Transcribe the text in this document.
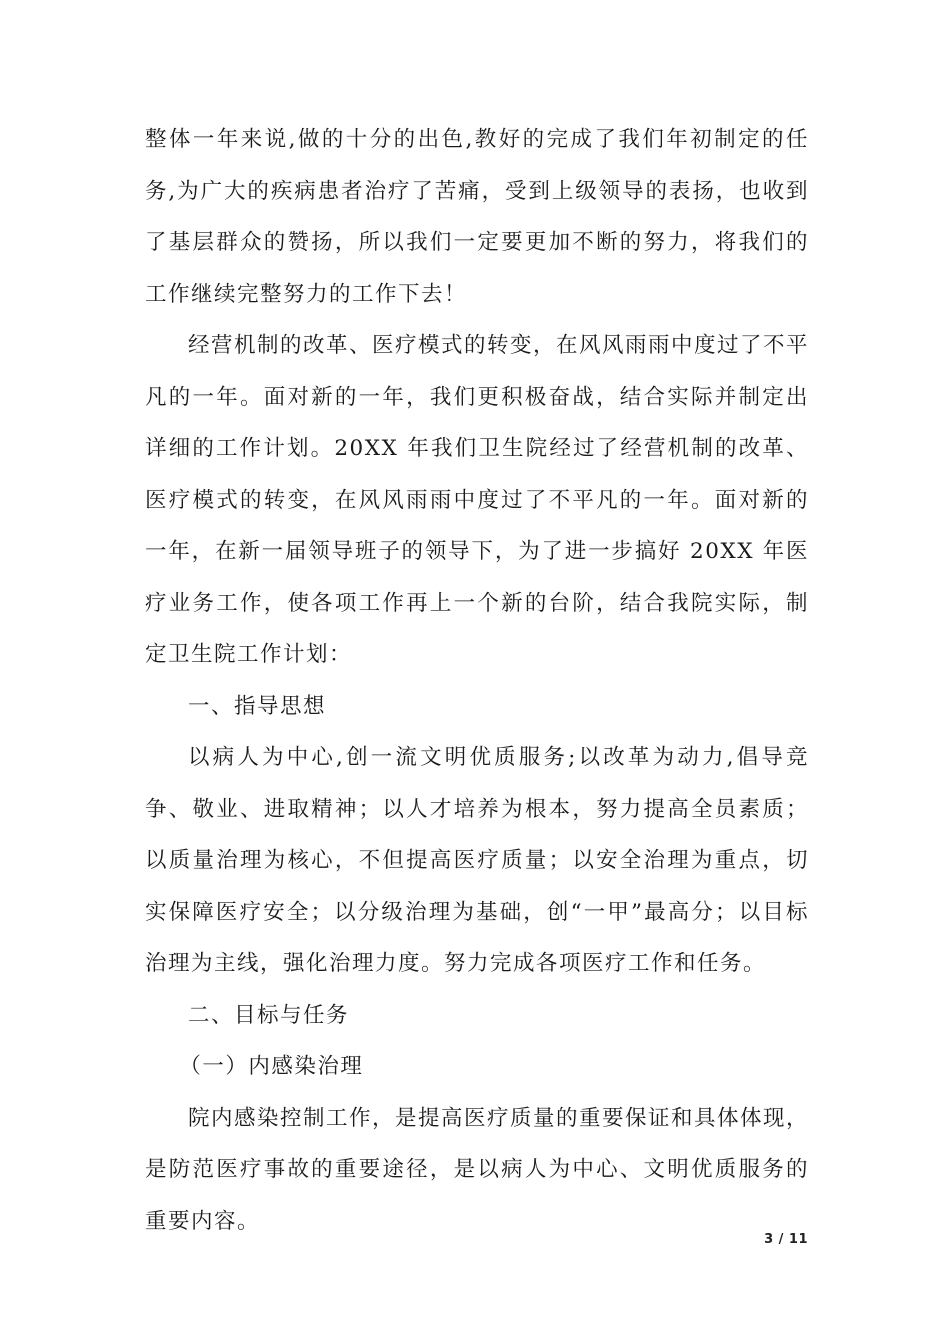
整体一年来说,做的十分的出色,教好的完成了我们年初制定的任务,为广大的疾病患者治疗了苦痛，受到上级领导的表扬，也收到了基层群众的赞扬，所以我们一定要更加不断的努力，将我们的工作继续完整努力的工作下去！

经营机制的改革、医疗模式的转变，在风风雨雨中度过了不平凡的一年。面对新的一年，我们更积极奋战，结合实际并制定出详细的工作计划。20XX 年我们卫生院经过了经营机制的改革、医疗模式的转变，在风风雨雨中度过了不平凡的一年。面对新的一年，在新一届领导班子的领导下，为了进一步搞好 20XX 年医疗业务工作，使各项工作再上一个新的台阶，结合我院实际，制定卫生院工作计划：

一、指导思想

以病人为中心,创一流文明优质服务;以改革为动力,倡导竞争、敬业、进取精神；以人才培养为根本，努力提高全员素质；以质量治理为核心，不但提高医疗质量；以安全治理为重点，切实保障医疗安全；以分级治理为基础，创“一甲”最高分；以目标治理为主线，强化治理力度。努力完成各项医疗工作和任务。

二、目标与任务

（一）内感染治理

院内感染控制工作，是提高医疗质量的重要保证和具体体现，是防范医疗事故的重要途径，是以病人为中心、文明优质服务的重要内容。

3 / 11
